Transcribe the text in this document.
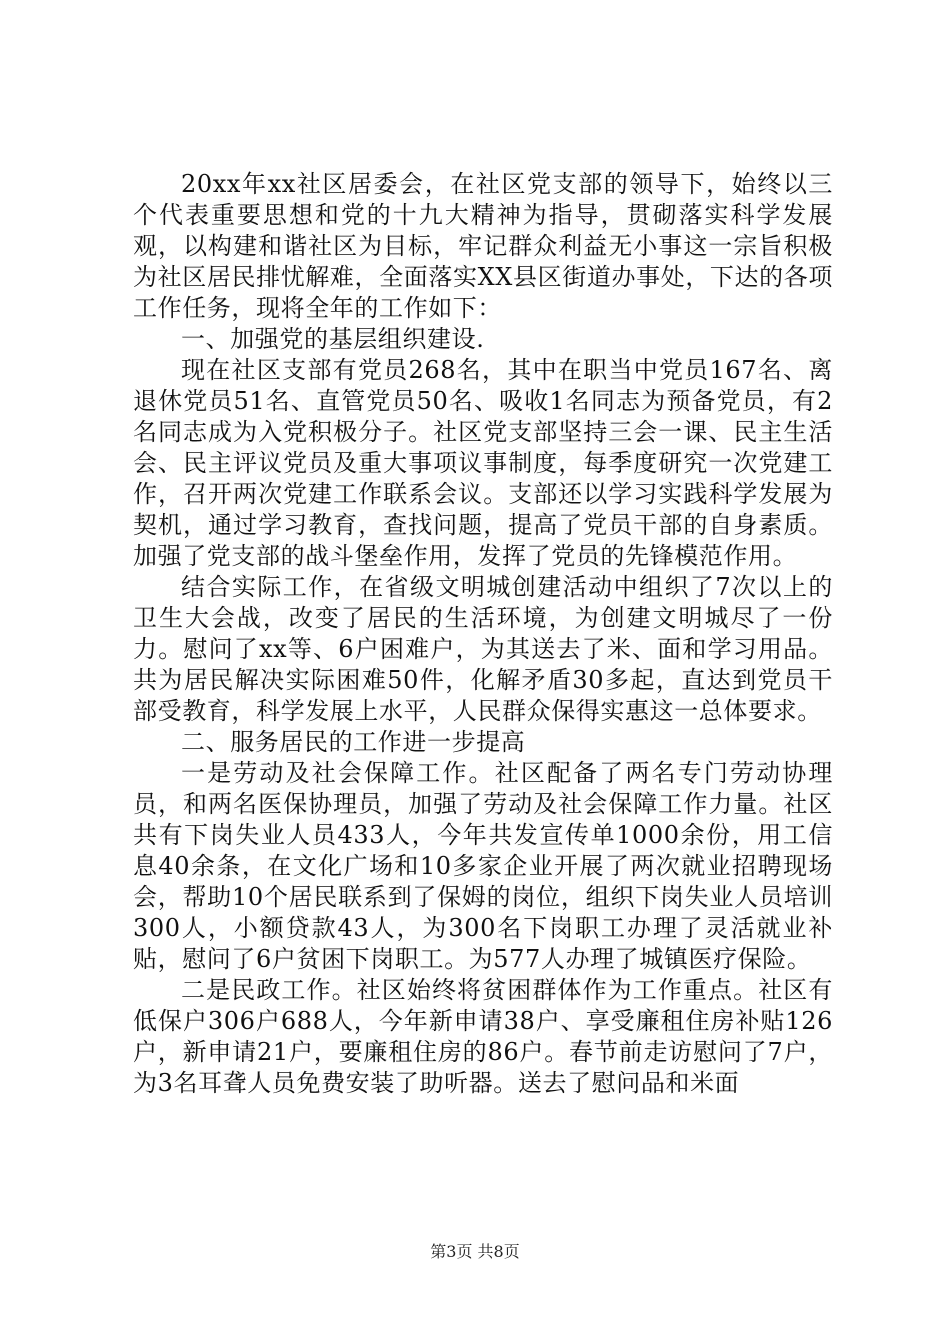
20xx年xx社区居委会，在社区党支部的领导下，始终以三个代表重要思想和党的十九大精神为指导，贯砌落实科学发展观，以构建和谐社区为目标，牢记群众利益无小事这一宗旨积极为社区居民排忧解难，全面落实XX县区街道办事处，下达的各项工作任务，现将全年的工作如下：

一、加强党的基层组织建设.

现在社区支部有党员268名，其中在职当中党员167名、离退休党员51名、直管党员50名、吸收1名同志为预备党员，有2名同志成为入党积极分子。社区党支部坚持三会一课、民主生活会、民主评议党员及重大事项议事制度，每季度研究一次党建工作，召开两次党建工作联系会议。支部还以学习实践科学发展为契机，通过学习教育，查找问题，提高了党员干部的自身素质。加强了党支部的战斗堡垒作用，发挥了党员的先锋模范作用。

结合实际工作，在省级文明城创建活动中组织了7次以上的卫生大会战，改变了居民的生活环境，为创建文明城尽了一份力。慰问了xx等、6户困难户，为其送去了米、面和学习用品。共为居民解决实际困难50件，化解矛盾30多起，直达到党员干部受教育，科学发展上水平，人民群众保得实惠这一总体要求。

二、服务居民的工作进一步提高

一是劳动及社会保障工作。社区配备了两名专门劳动协理员，和两名医保协理员，加强了劳动及社会保障工作力量。社区共有下岗失业人员433人，今年共发宣传单1000余份，用工信息40余条，在文化广场和10多家企业开展了两次就业招聘现场会，帮助10个居民联系到了保姆的岗位，组织下岗失业人员培训300人，小额贷款43人，为300名下岗职工办理了灵活就业补贴，慰问了6户贫困下岗职工。为577人办理了城镇医疗保险。

二是民政工作。社区始终将贫困群体作为工作重点。社区有低保户306户688人，今年新申请38户、享受廉租住房补贴126户，新申请21户，要廉租住房的86户。春节前走访慰问了7户，为3名耳聋人员免费安装了助听器。送去了慰问品和米面

第3页 共8页
